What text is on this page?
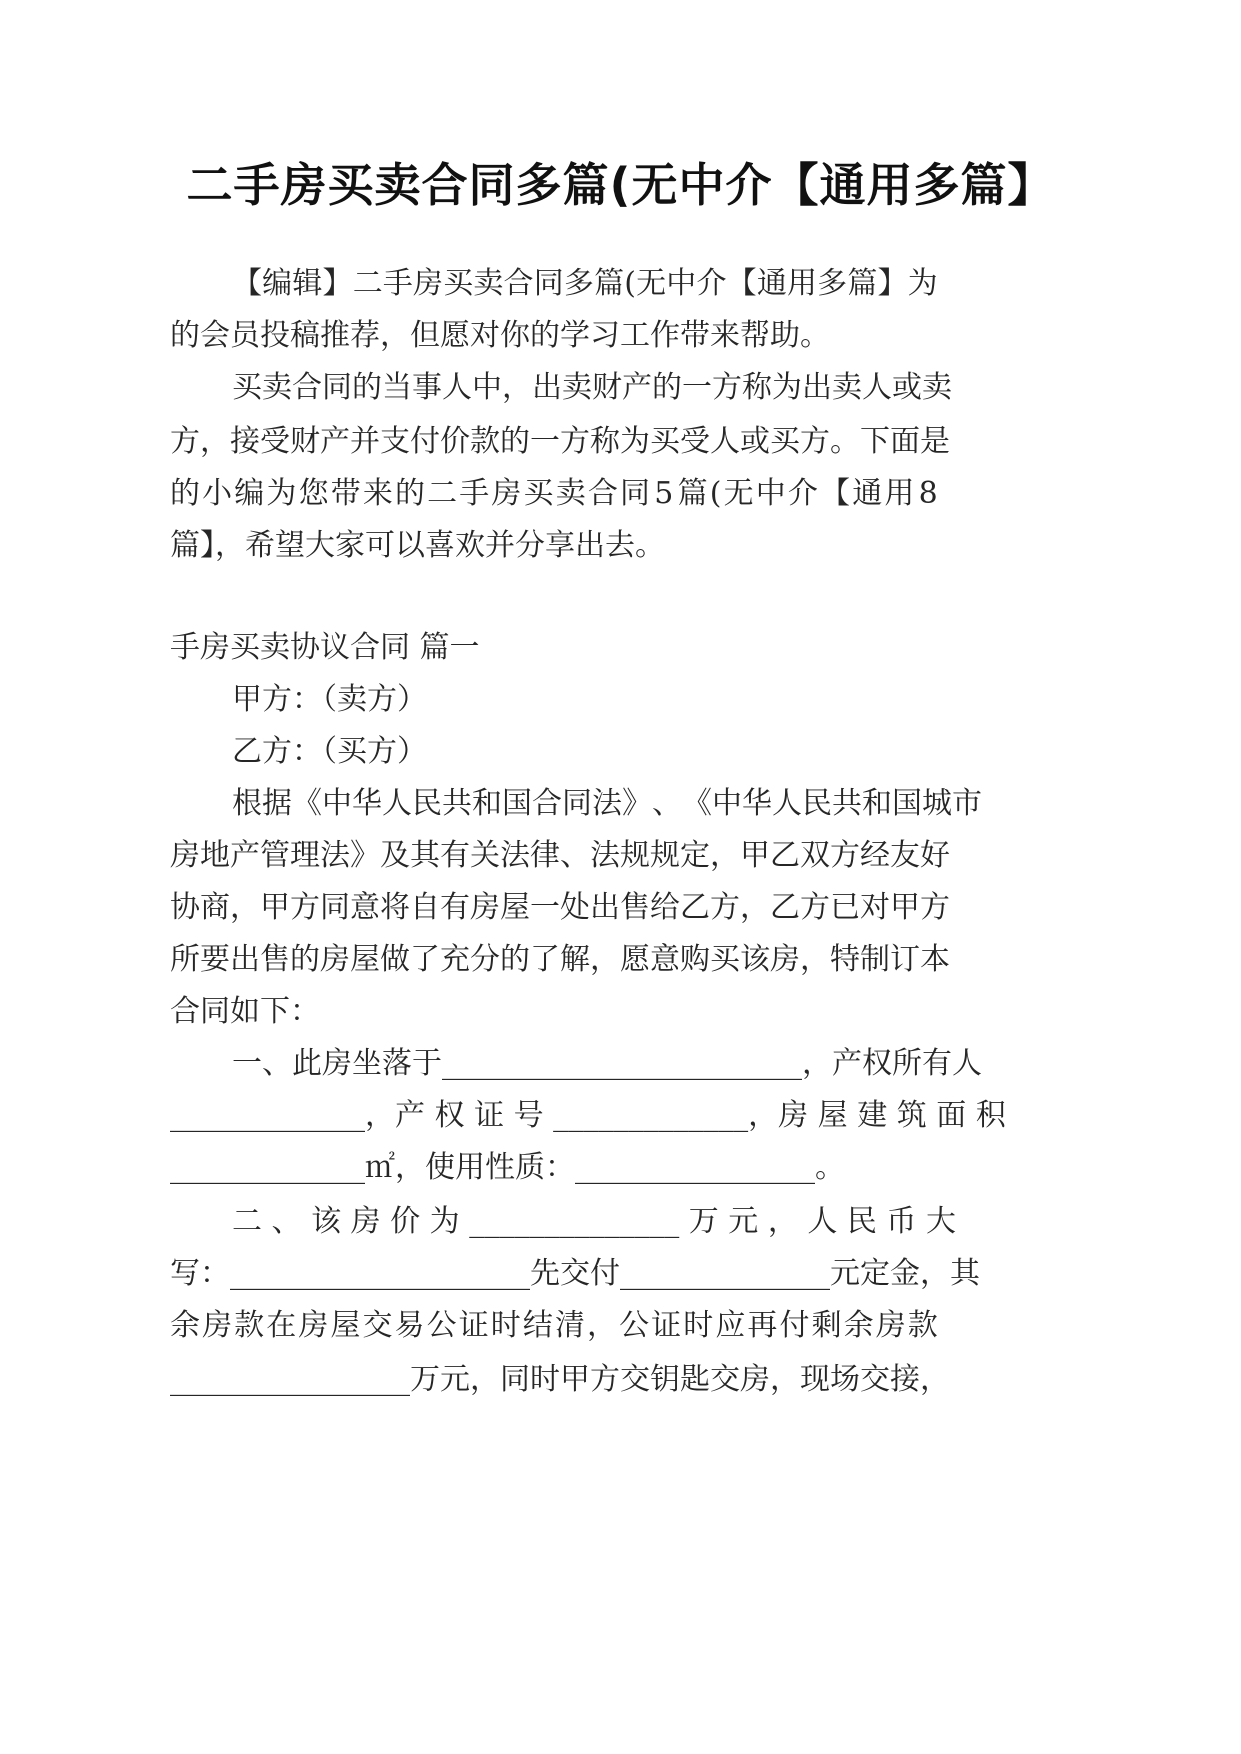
二手房买卖合同多篇(无中介【通用多篇】
【 编 辑 】 二 手 房 买 卖 合 同 多 篇 ( 无 中 介 【 通 用 多 篇 】 为
的会员投稿推荐，但愿对你的学习工作带来帮助。
买 卖 合 同 的 当 事 人 中 ， 出 卖 财 产 的 一 方 称 为 出 卖 人 或 卖
方 ， 接 受 财 产 并 支 付 价 款 的 一 方 称 为 买 受 人 或 买 方 。 下 面 是
的 小 编 为 您 带 来 的 二 手 房 买 卖 合 同 5 篇 ( 无 中 介 【 通 用 8
篇】，希望大家可以喜欢并分享出去。
手房买卖协议合同 篇一
甲方：（卖方）
乙方：（买方）
根 据 《 中 华 人 民 共 和 国 合 同 法 》 、 《 中 华 人 民 共 和 国 城 市
房 地 产 管 理 法 》 及 其 有 关 法 律 、 法 规 规 定 ， 甲 乙 双 方 经 友 好
协 商 ， 甲 方 同 意 将 自 有 房 屋 一 处 出 售 给 乙 方 ， 乙 方 已 对 甲 方
所 要 出 售 的 房 屋 做 了 充 分 的 了 解 ， 愿 意 购 买 该 房 ， 特 制 订 本
合同如下：
一、此房坐落于________________________，产权所有人
_____________，产 权 证 号 _____________，房 屋 建 筑 面 积
_____________㎡，使用性质：________________。
二 、 该 房 价 为 ______________ 万 元 ， 人 民 币 大
写：____________________先交付______________元定金，其
余 房 款 在 房 屋 交 易 公 证 时 结 清 ， 公 证 时 应 再 付 剩 余 房 款
________________万元，同时甲方交钥匙交房，现场交接，
